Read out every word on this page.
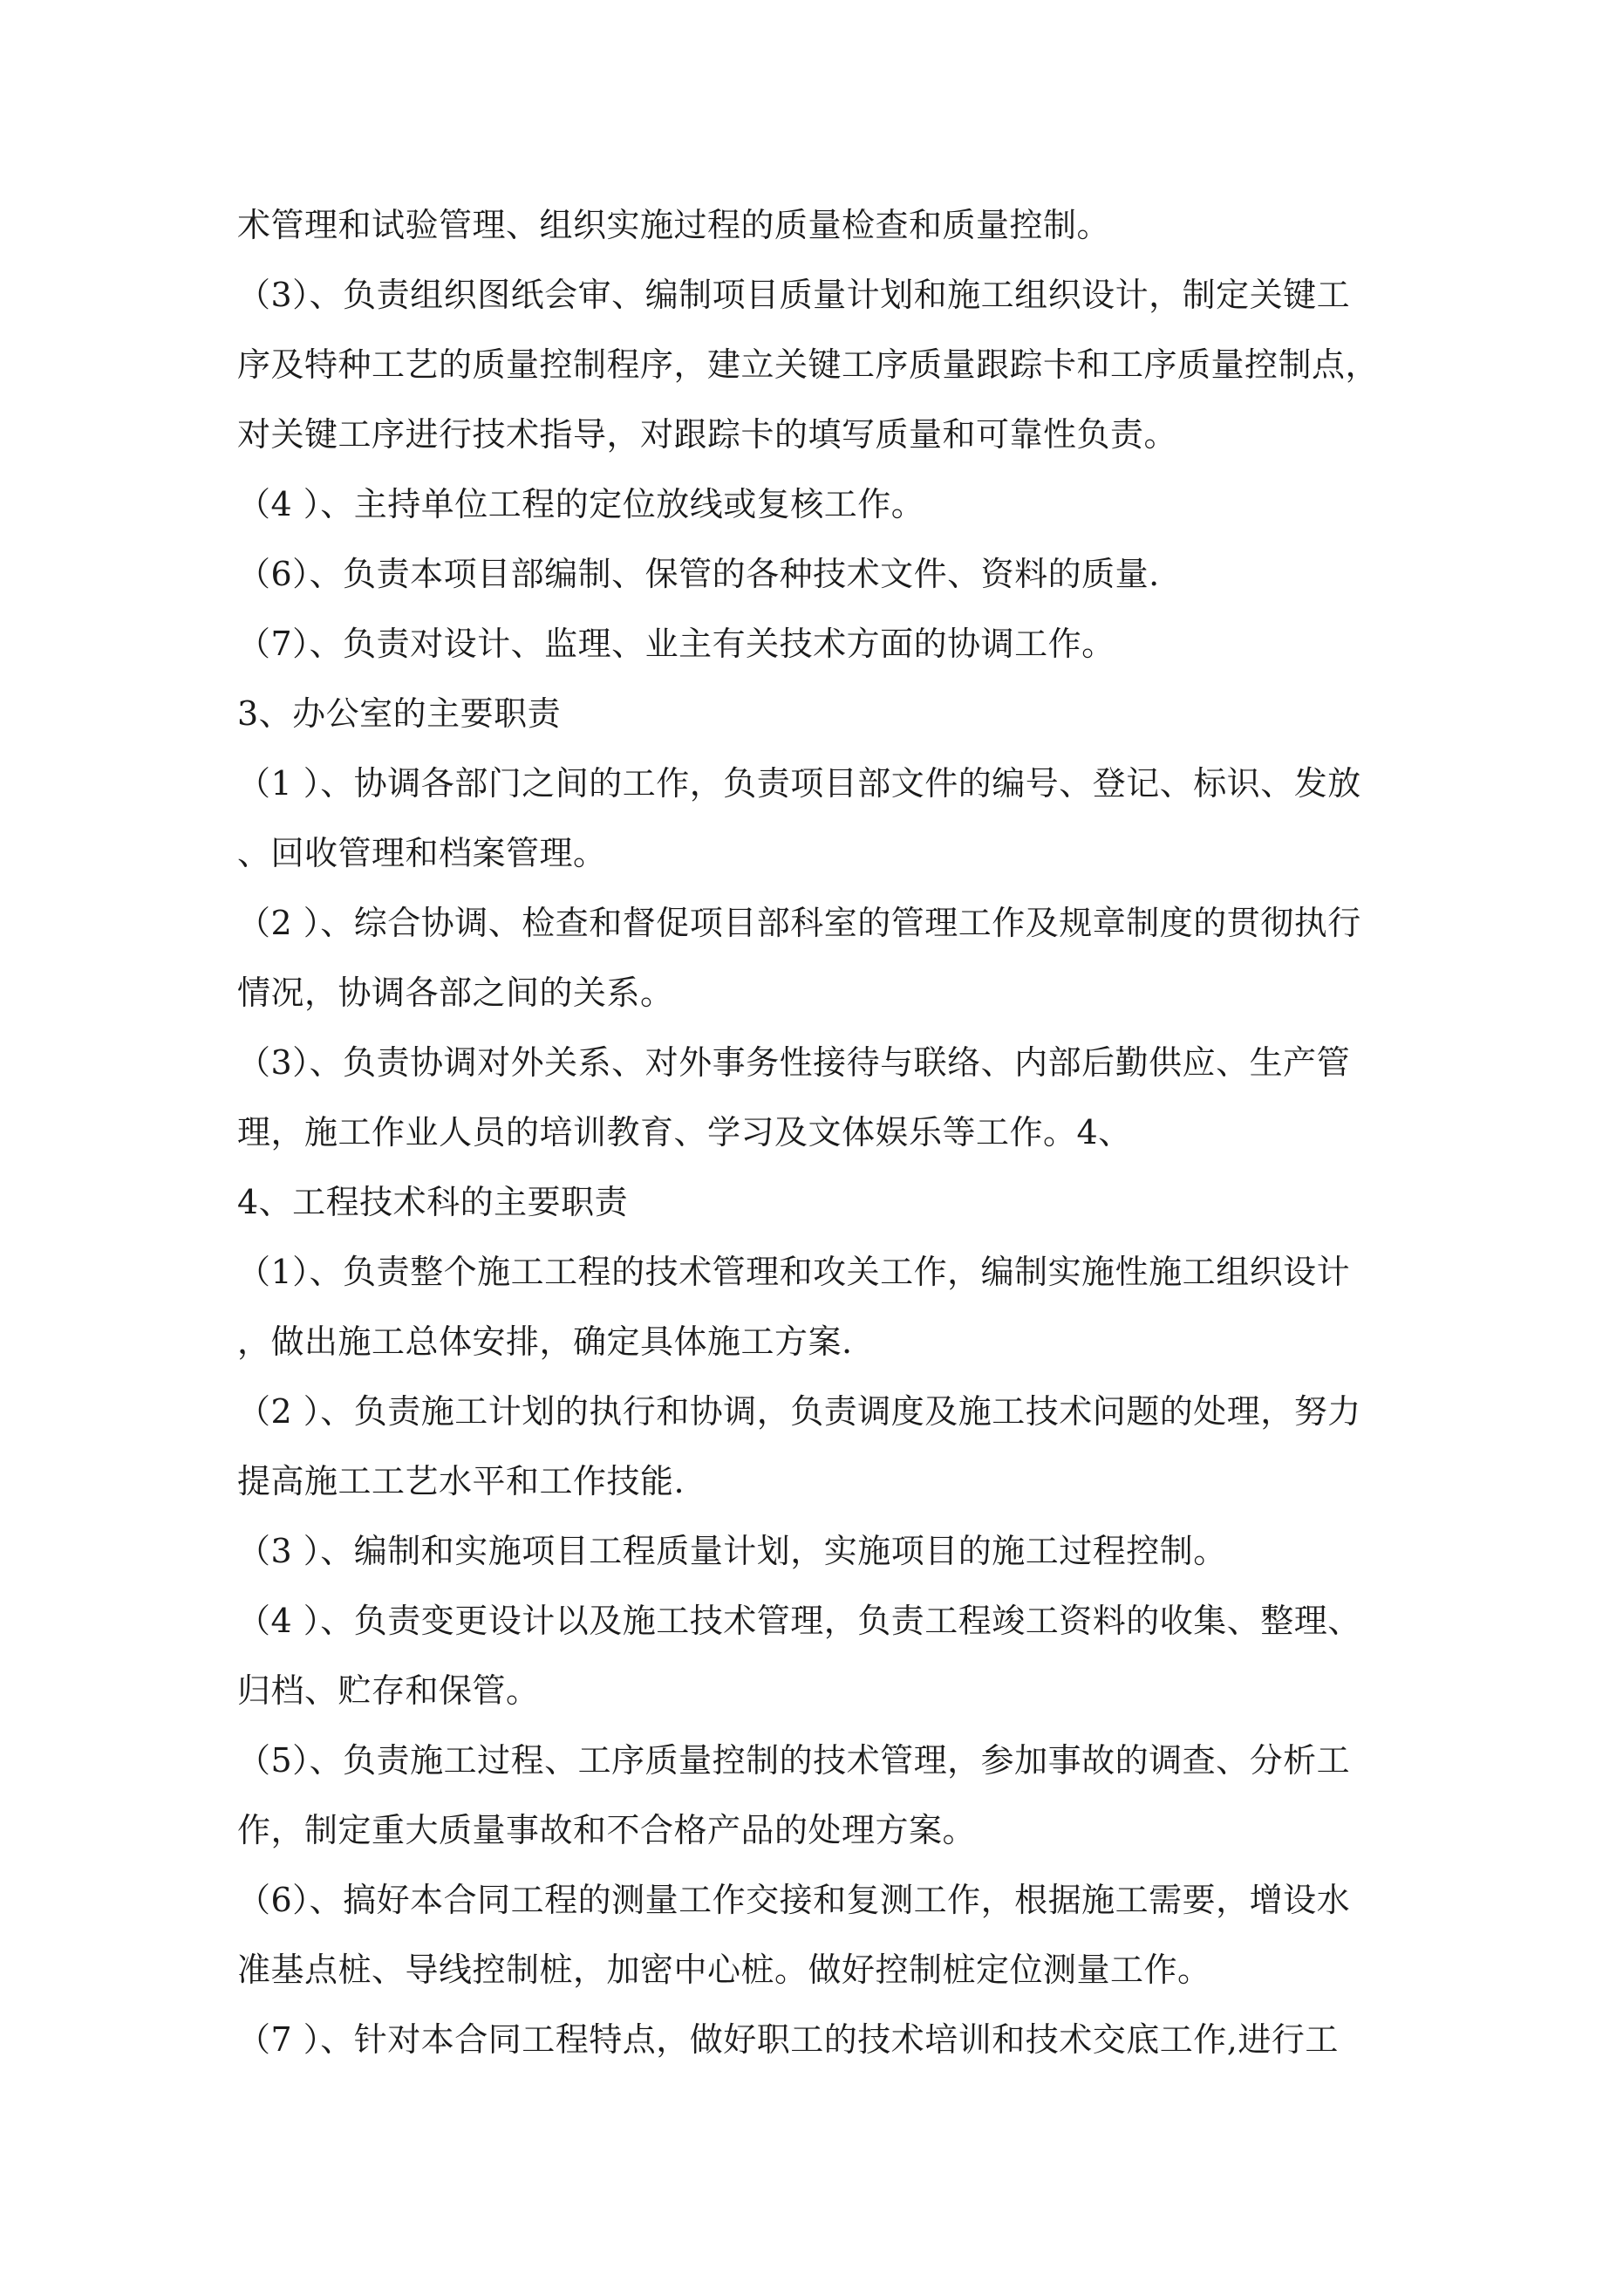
术管理和试验管理、组织实施过程的质量检查和质量控制。
（3）、负责组织图纸会审、编制项目质量计划和施工组织设计，制定关键工
序及特种工艺的质量控制程序，建立关键工序质量跟踪卡和工序质量控制点，
对关键工序进行技术指导，对跟踪卡的填写质量和可靠性负责。
（4 ）、主持单位工程的定位放线或复核工作。
（6）、负责本项目部编制、保管的各种技术文件、资料的质量.
（7）、负责对设计、监理、业主有关技术方面的协调工作。
3、办公室的主要职责
（1 ）、协调各部门之间的工作，负责项目部文件的编号、登记、标识、发放
、回收管理和档案管理。
（2 ）、综合协调、检查和督促项目部科室的管理工作及规章制度的贯彻执行
情况，协调各部之间的关系。
（3）、负责协调对外关系、对外事务性接待与联络、内部后勤供应、生产管
理，施工作业人员的培训教育、学习及文体娱乐等工作。4、
4、工程技术科的主要职责
（1）、负责整个施工工程的技术管理和攻关工作，编制实施性施工组织设计
，做出施工总体安排，确定具体施工方案.
（2 ）、负责施工计划的执行和协调，负责调度及施工技术问题的处理，努力
提高施工工艺水平和工作技能.
（3 ）、编制和实施项目工程质量计划，实施项目的施工过程控制。
（4 ）、负责变更设计以及施工技术管理，负责工程竣工资料的收集、整理、
归档、贮存和保管。
（5）、负责施工过程、工序质量控制的技术管理，参加事故的调查、分析工
作，制定重大质量事故和不合格产品的处理方案。
（6）、搞好本合同工程的测量工作交接和复测工作，根据施工需要，增设水
准基点桩、导线控制桩，加密中心桩。做好控制桩定位测量工作。
（7 ）、针对本合同工程特点，做好职工的技术培训和技术交底工作,进行工
